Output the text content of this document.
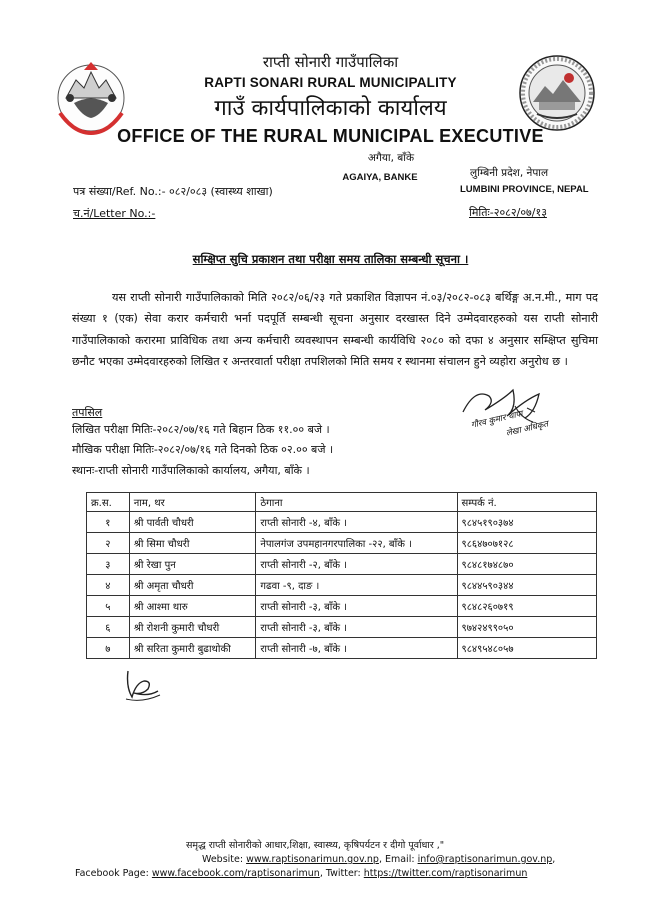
राप्ती सोनारी गाउँपालिका
RAPTI SONARI RURAL MUNICIPALITY
गाउँ कार्यपालिकाको कार्यालय
OFFICE OF THE RURAL MUNICIPAL EXECUTIVE
अगैया, बाँके
AGAIYA, BANKE	लुम्बिनी प्रदेश, नेपाल
LUMBINI PROVINCE, NEPAL
पत्र संख्या/Ref. No.:- ०८२/०८३ (स्वास्थ्य शाखा)
च.नं/Letter No.:-	मितिः-२०८२/०७/१३
सम्क्षिप्त सुचि प्रकाशन तथा परीक्षा समय तालिका सम्बन्धी सूचना ।
यस राप्ती सोनारी गाउँपालिकाको मिति २०८२/०६/२३ गते प्रकाशित विज्ञापन नं.०३/२०८२-०८३ बर्थिङ्ग अ.न.मी., माग पद संख्या १ (एक) सेवा करार कर्मचारी भर्ना पदपूर्ति सम्बन्धी सूचना अनुसार दरखास्त दिने उम्मेदवारहरुको यस राप्ती सोनारी गाउँपालिकाको करारमा प्राविधिक तथा अन्य कर्मचारी व्यवस्थापन सम्बन्धी कार्यविधि २०८० को दफा ४ अनुसार सम्क्षिप्त सुचिमा छनौट भएका उम्मेदवारहरुको लिखित र अन्तरवार्ता परीक्षा तपशिलको मिति समय र स्थानमा संचालन हुने व्यहोरा अनुरोध छ ।
तपसिल
लिखित परीक्षा मितिः-२०८२/०७/१६ गते बिहान ठिक ११.०० बजे ।
मौखिक परीक्षा मितिः-२०८२/०७/१६ गते दिनको ठिक ०२.०० बजे ।
स्थानः-राप्ती सोनारी गाउँपालिकाको कार्यालय, अगैया, बाँके ।
गौरव कुमार थापा
लेखा अधिकृत
क्र.स.	नाम, थर	ठेगाना	सम्पर्क नं.
१	श्री पार्वती चौधरी	राप्ती सोनारी -४, बाँके ।	९८४५१९०३७४
२	श्री सिमा चौधरी	नेपालगंज उपमहानगरपालिका -२२, बाँके ।	९८६४७०७१२८
३	श्री रेखा पुन	राप्ती सोनारी -२, बाँके ।	९८४८१७४८७०
४	श्री अमृता चौधरी	गढवा -९, दाङ ।	९८४४५९०३४४
५	श्री आश्मा थारु	राप्ती सोनारी -३, बाँके ।	९८४८२६०७१९
६	श्री रोशनी कुमारी चौधरी	राप्ती सोनारी -३, बाँके ।	९७४२४९९०५०
७	श्री सरिता कुमारी बुढाथोकी	राप्ती सोनारी -७, बाँके ।	९८४९५४८०५७
समृद्ध राप्ती सोनारीको आधार,शिक्षा, स्वास्थ्य, कृषिपर्यटन र दीगो पूर्वाधार ,"
Website: www.raptisonarimun.gov.np, Email: info@raptisonarimun.gov.np,
Facebook Page: www.facebook.com/raptisonarimun, Twitter: https://twitter.com/raptisonarimun
